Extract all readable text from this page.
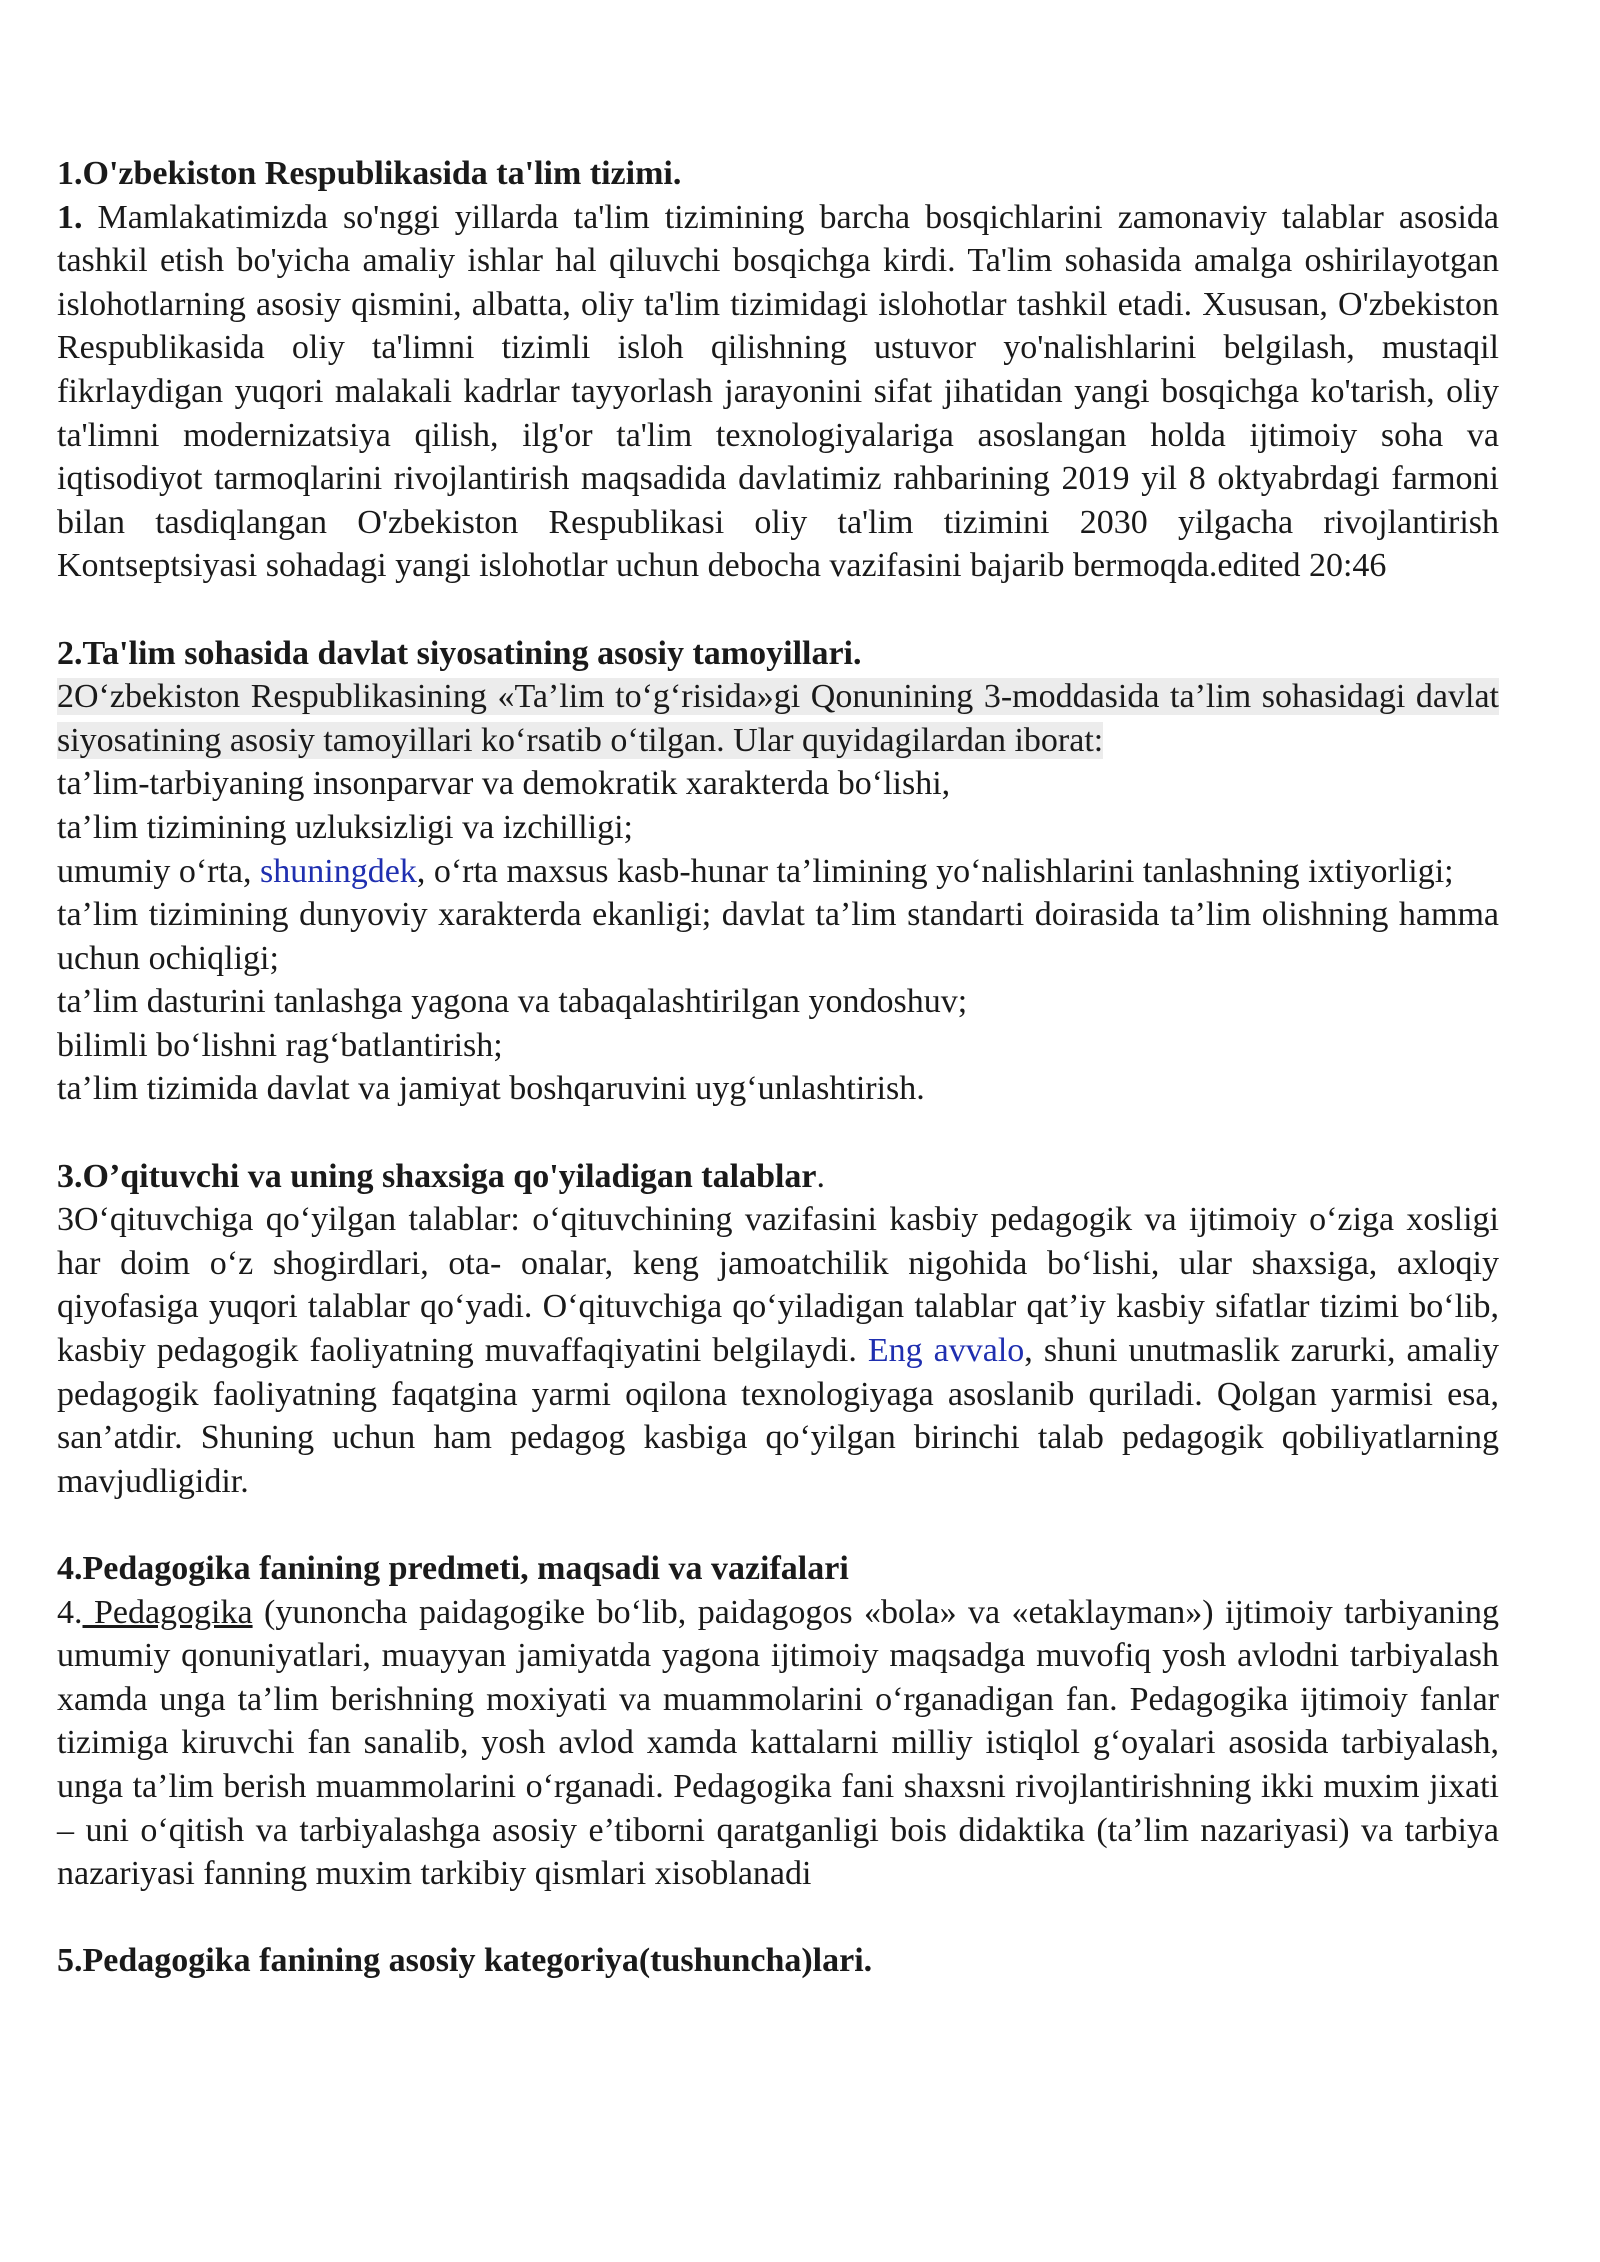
1.O'zbekiston Respublikasida ta'lim tizimi.

1. Mamlakatimizda so'nggi yillarda ta'lim tizimining barcha bosqichlarini zamonaviy talablar asosida tashkil etish bo'yicha amaliy ishlar hal qiluvchi bosqichga kirdi. Ta'lim sohasida amalga oshirilayotgan islohotlarning asosiy qismini, albatta, oliy ta'lim tizimidagi islohotlar tashkil etadi. Xususan, O'zbekiston Respublikasida oliy ta'limni tizimli isloh qilishning ustuvor yo'nalishlarini belgilash, mustaqil fikrlaydigan yuqori malakali kadrlar tayyorlash jarayonini sifat jihatidan yangi bosqichga ko'tarish, oliy ta'limni modernizatsiya qilish, ilg'or ta'lim texnologiyalariga asoslangan holda ijtimoiy soha va iqtisodiyot tarmoqlarini rivojlantirish maqsadida davlatimiz rahbarining 2019 yil 8 oktyabrdagi farmoni bilan tasdiqlangan O'zbekiston Respublikasi oliy ta'lim tizimini 2030 yilgacha rivojlantirish Kontseptsiyasi sohadagi yangi islohotlar uchun debocha vazifasini bajarib bermoqda.edited 20:46

2.Ta'lim sohasida davlat siyosatining asosiy tamoyillari.

2O‘zbekiston Respublikasining «Ta’lim to‘g‘risida»gi Qonunining 3-moddasida ta’lim sohasidagi davlat siyosatining asosiy tamoyillari ko‘rsatib o‘tilgan. Ular quyidagilardan iborat:

ta’lim-tarbiyaning insonparvar va demokratik xarakterda bo‘lishi,

ta’lim tizimining uzluksizligi va izchilligi;

umumiy o‘rta, shuningdek, o‘rta maxsus kasb-hunar ta’limining yo‘nalishlarini tanlashning ixtiyorligi;

ta’lim tizimining dunyoviy xarakterda ekanligi; davlat ta’lim standarti doirasida ta’lim olishning hamma uchun ochiqligi;

ta’lim dasturini tanlashga yagona va tabaqalashtirilgan yondoshuv;

bilimli bo‘lishni rag‘batlantirish;

ta’lim tizimida davlat va jamiyat boshqaruvini uyg‘unlashtirish.

3.O’qituvchi va uning shaxsiga qo'yiladigan talablar.

3O‘qituvchiga qo‘yilgan talablar: o‘qituvchining vazifasini kasbiy pedagogik va ijtimoiy o‘ziga xosligi har doim o‘z shogirdlari, ota- onalar, keng jamoatchilik nigohida bo‘lishi, ular shaxsiga, axloqiy qiyofasiga yuqori talablar qo‘yadi. O‘qituvchiga qo‘yiladigan talablar qat’iy kasbiy sifatlar tizimi bo‘lib, kasbiy pedagogik faoliyatning muvaffaqiyatini belgilaydi. Eng avvalo, shuni unutmaslik zarurki, amaliy pedagogik faoliyatning faqatgina yarmi oqilona texnologiyaga asoslanib quriladi. Qolgan yarmisi esa, san’atdir. Shuning uchun ham pedagog kasbiga qo‘yilgan birinchi talab pedagogik qobiliyatlarning mavjudligidir.

4.Pedagogika fanining predmeti, maqsadi va vazifalari

4. Pedagogika (yunoncha paidagogike bo‘lib, paidagogos «bola» va «etaklayman») ijtimoiy tarbiyaning umumiy qonuniyatlari, muayyan jamiyatda yagona ijtimoiy maqsadga muvofiq yosh avlodni tarbiyalash xamda unga ta’lim berishning moxiyati va muammolarini o‘rganadigan fan. Pedagogika ijtimoiy fanlar tizimiga kiruvchi fan sanalib, yosh avlod xamda kattalarni milliy istiqlol g‘oyalari asosida tarbiyalash, unga ta’lim berish muammolarini o‘rganadi. Pedagogika fani shaxsni rivojlantirishning ikki muxim jixati – uni o‘qitish va tarbiyalashga asosiy e’tiborni qaratganligi bois didaktika (ta’lim nazariyasi) va tarbiya nazariyasi fanning muxim tarkibiy qismlari xisoblanadi

5.Pedagogika fanining asosiy kategoriya(tushuncha)lari.
